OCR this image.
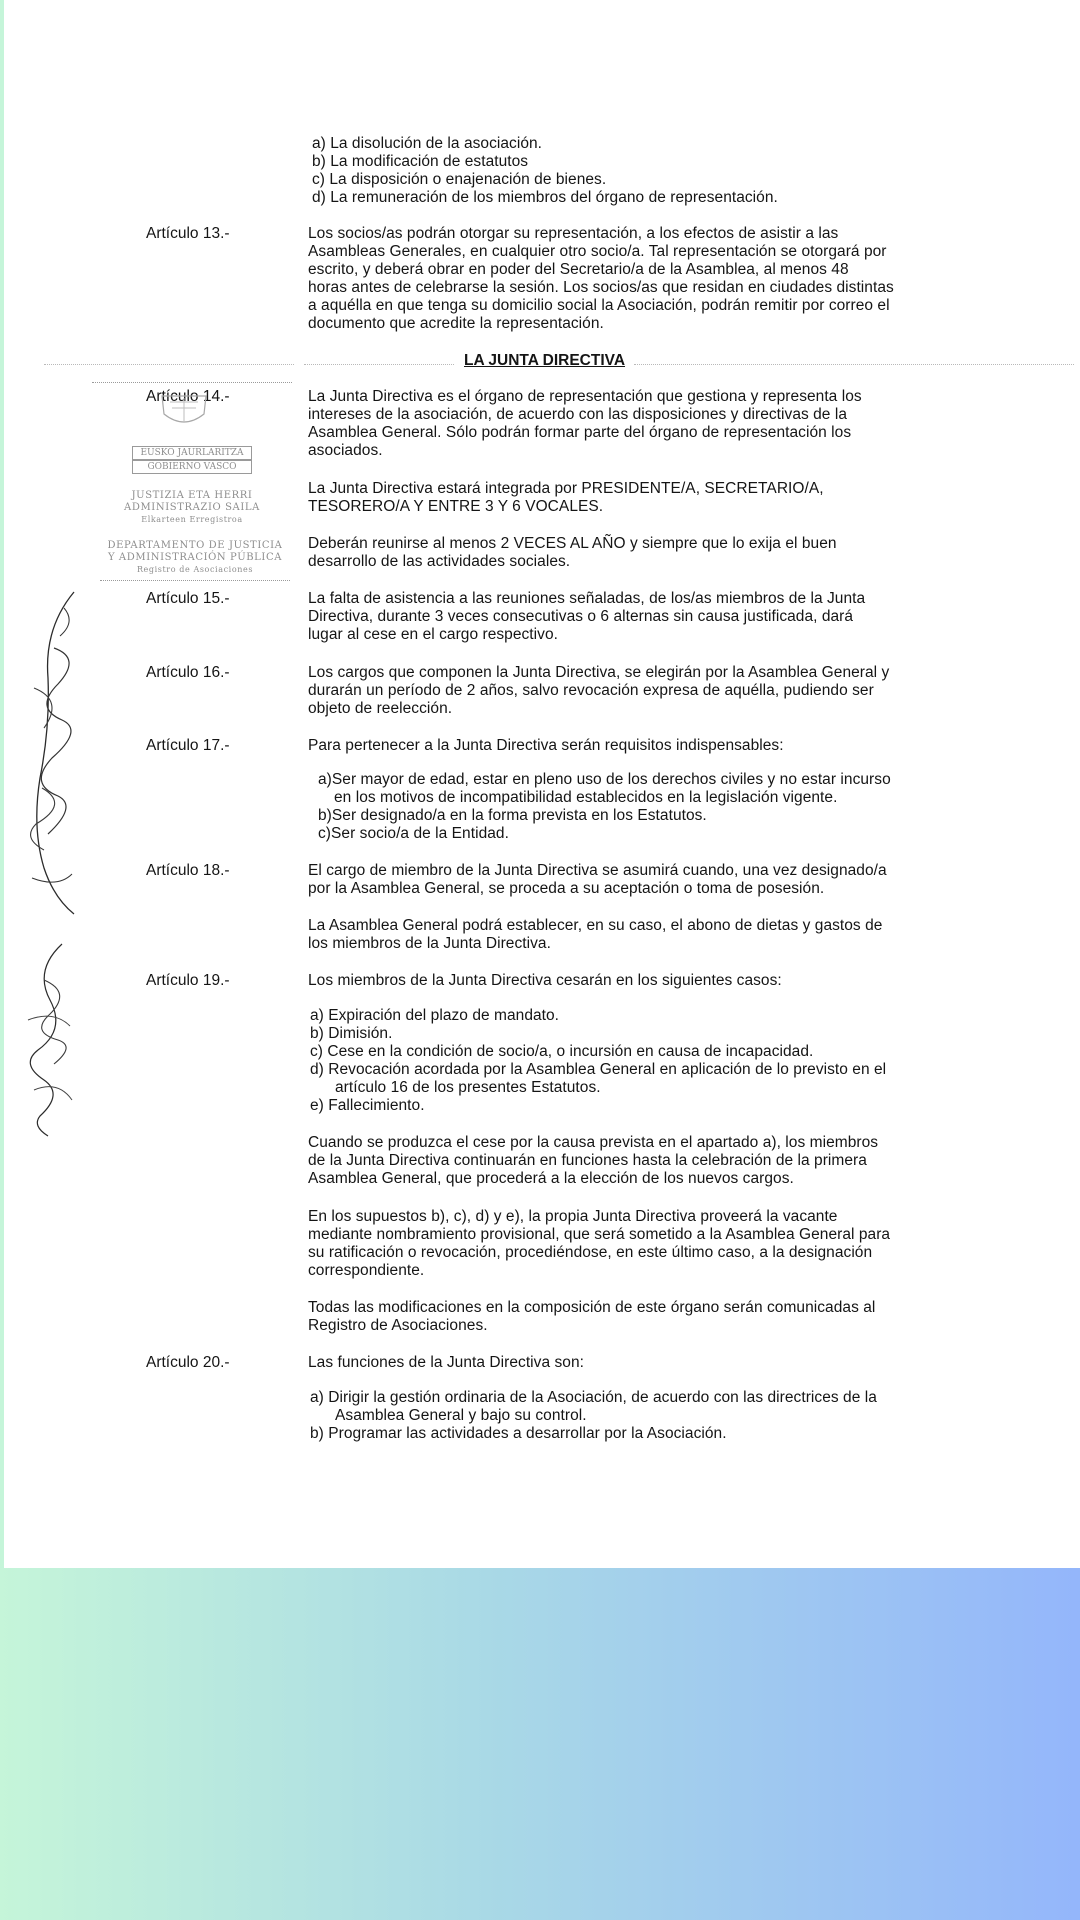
a) La disolución de la asociación.
b) La modificación de estatutos
c) La disposición o enajenación de bienes.
d) La remuneración de los miembros del órgano de representación.
Artículo 13.-	Los socios/as podrán otorgar su representación, a los efectos de asistir a las
Asambleas Generales, en cualquier otro socio/a. Tal representación se otorgará por
escrito, y deberá obrar en poder del Secretario/a de la Asamblea, al menos 48
horas antes de celebrarse la sesión. Los socios/as que residan en ciudades distintas
a aquélla en que tenga su domicilio social la Asociación, podrán remitir por correo el
documento que acredite la representación.
LA JUNTA DIRECTIVA
Artículo 14.-	La Junta Directiva es el órgano de representación que gestiona y representa los
intereses de la asociación, de acuerdo con las disposiciones y directivas de la
Asamblea General. Sólo podrán formar parte del órgano de representación los
asociados.
La Junta Directiva estará integrada por PRESIDENTE/A, SECRETARIO/A,
TESORERO/A Y ENTRE 3 Y 6 VOCALES.
Deberán reunirse al menos 2 VECES AL AÑO y siempre que lo exija el buen
desarrollo de las actividades sociales.
Artículo 15.-	La falta de asistencia a las reuniones señaladas, de los/as miembros de la Junta
Directiva, durante 3 veces consecutivas o 6 alternas sin causa justificada, dará
lugar al cese en el cargo respectivo.
Artículo 16.-	Los cargos que componen la Junta Directiva, se elegirán por la Asamblea General y
durarán un período de 2 años, salvo revocación expresa de aquélla, pudiendo ser
objeto de reelección.
Artículo 17.-	Para pertenecer a la Junta Directiva serán requisitos indispensables:
a)Ser mayor de edad, estar en pleno uso de los derechos civiles y no estar incurso
en los motivos de incompatibilidad establecidos en la legislación vigente.
b)Ser designado/a en la forma prevista en los Estatutos.
c)Ser socio/a de la Entidad.
Artículo 18.-	El cargo de miembro de la Junta Directiva se asumirá cuando, una vez designado/a
por la Asamblea General, se proceda a su aceptación o toma de posesión.
La Asamblea General podrá establecer, en su caso, el abono de dietas y gastos de
los miembros de la Junta Directiva.
Artículo 19.-	Los miembros de la Junta Directiva cesarán en los siguientes casos:
a) Expiración del plazo de mandato.
b) Dimisión.
c) Cese en la condición de socio/a, o incursión en causa de incapacidad.
d) Revocación acordada por la Asamblea General en aplicación de lo previsto en el
artículo 16 de los presentes Estatutos.
e) Fallecimiento.
Cuando se produzca el cese por la causa prevista en el apartado a), los miembros
de la Junta Directiva continuarán en funciones hasta la celebración de la primera
Asamblea General, que procederá a la elección de los nuevos cargos.
En los supuestos b), c), d) y e), la propia Junta Directiva proveerá la vacante
mediante nombramiento provisional, que será sometido a la Asamblea General para
su ratificación o revocación, procediéndose, en este último caso, a la designación
correspondiente.
Todas las modificaciones en la composición de este órgano serán comunicadas al
Registro de Asociaciones.
Artículo 20.-	Las funciones de la Junta Directiva son:
a) Dirigir la gestión ordinaria de la Asociación, de acuerdo con las directrices de la
Asamblea General y bajo su control.
b) Programar las actividades a desarrollar por la Asociación.
EUSKO JAURLARITZA
GOBIERNO VASCO
JUSTIZIA ETA HERRI
ADMINISTRAZIO SAILA
Elkarteen Erregistroa
DEPARTAMENTO DE JUSTICIA
Y ADMINISTRACIÓN PÚBLICA
Registro de Asociaciones
